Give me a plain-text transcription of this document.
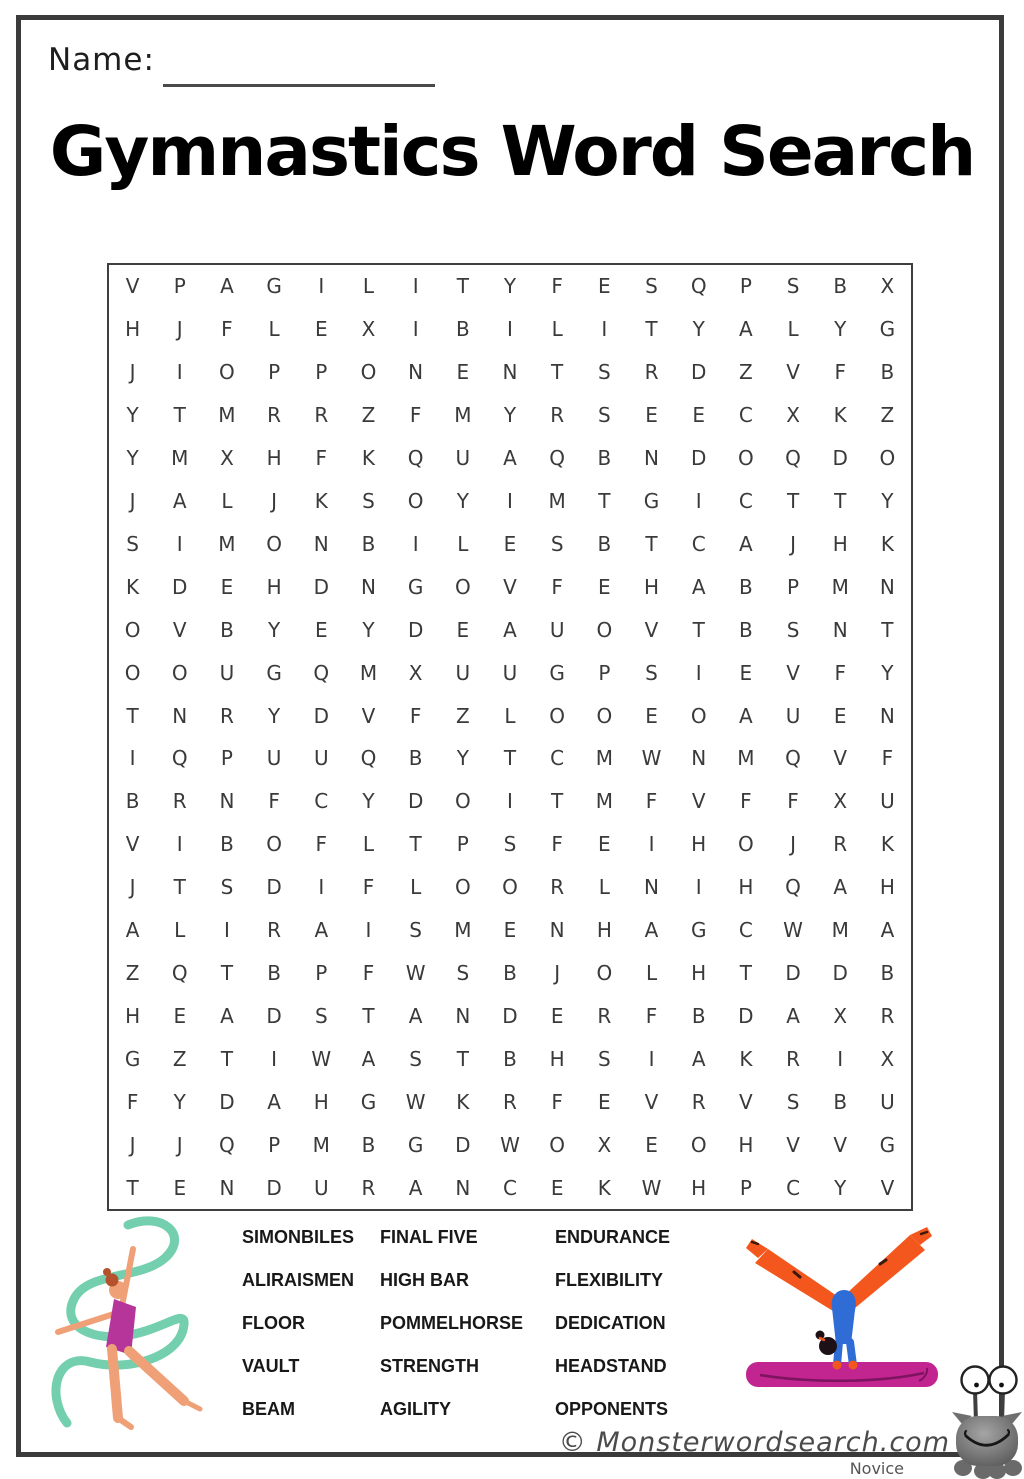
Name:
Gymnastics Word Search
V	P	A	G	I	L	I	T	Y	F	E	S	Q	P	S	B	X
H	J	F	L	E	X	I	B	I	L	I	T	Y	A	L	Y	G
J	I	O	P	P	O	N	E	N	T	S	R	D	Z	V	F	B
Y	T	M	R	R	Z	F	M	Y	R	S	E	E	C	X	K	Z
Y	M	X	H	F	K	Q	U	A	Q	B	N	D	O	Q	D	O
J	A	L	J	K	S	O	Y	I	M	T	G	I	C	T	T	Y
S	I	M	O	N	B	I	L	E	S	B	T	C	A	J	H	K
K	D	E	H	D	N	G	O	V	F	E	H	A	B	P	M	N
O	V	B	Y	E	Y	D	E	A	U	O	V	T	B	S	N	T
O	O	U	G	Q	M	X	U	U	G	P	S	I	E	V	F	Y
T	N	R	Y	D	V	F	Z	L	O	O	E	O	A	U	E	N
I	Q	P	U	U	Q	B	Y	T	C	M	W	N	M	Q	V	F
B	R	N	F	C	Y	D	O	I	T	M	F	V	F	F	X	U
V	I	B	O	F	L	T	P	S	F	E	I	H	O	J	R	K
J	T	S	D	I	F	L	O	O	R	L	N	I	H	Q	A	H
A	L	I	R	A	I	S	M	E	N	H	A	G	C	W	M	A
Z	Q	T	B	P	F	W	S	B	J	O	L	H	T	D	D	B
H	E	A	D	S	T	A	N	D	E	R	F	B	D	A	X	R
G	Z	T	I	W	A	S	T	B	H	S	I	A	K	R	I	X
F	Y	D	A	H	G	W	K	R	F	E	V	R	V	S	B	U
J	J	Q	P	M	B	G	D	W	O	X	E	O	H	V	V	G
T	E	N	D	U	R	A	N	C	E	K	W	H	P	C	Y	V
SIMONBILES	FINAL FIVE	ENDURANCE
ALIRAISMEN	HIGH BAR	FLEXIBILITY
FLOOR	POMMELHORSE	DEDICATION
VAULT	STRENGTH	HEADSTAND
BEAM	AGILITY	OPPONENTS
© Monsterwordsearch.com
Novice
